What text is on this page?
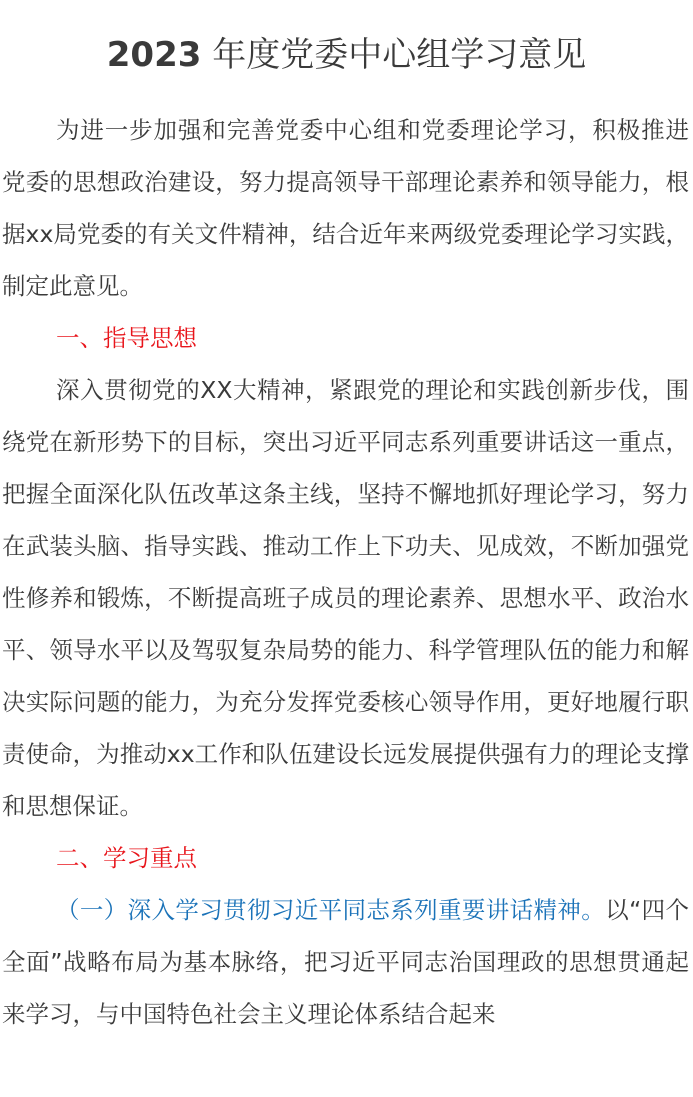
2023 年度党委中心组学习意见

为进一步加强和完善党委中心组和党委理论学习，积极推进党委的思想政治建设，努力提高领导干部理论素养和领导能力，根据xx局党委的有关文件精神，结合近年来两级党委理论学习实践，制定此意见。

一、指导思想

深入贯彻党的XX大精神，紧跟党的理论和实践创新步伐，围绕党在新形势下的目标，突出习近平同志系列重要讲话这一重点，把握全面深化队伍改革这条主线，坚持不懈地抓好理论学习，努力在武装头脑、指导实践、推动工作上下功夫、见成效，不断加强党性修养和锻炼，不断提高班子成员的理论素养、思想水平、政治水平、领导水平以及驾驭复杂局势的能力、科学管理队伍的能力和解决实际问题的能力，为充分发挥党委核心领导作用，更好地履行职责使命，为推动xx工作和队伍建设长远发展提供强有力的理论支撑和思想保证。

二、学习重点

（一）深入学习贯彻习近平同志系列重要讲话精神。以“四个全面”战略布局为基本脉络，把习近平同志治国理政的思想贯通起来学习，与中国特色社会主义理论体系结合起来
